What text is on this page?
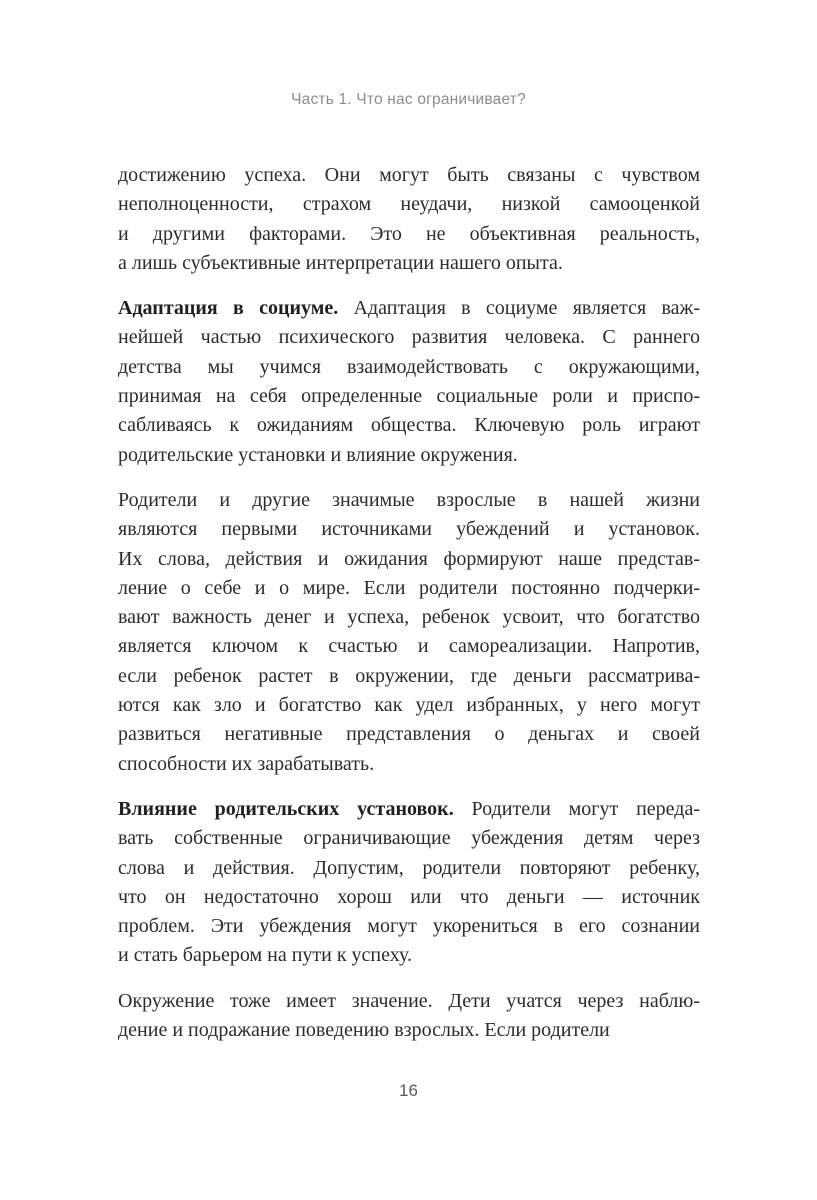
Часть 1. Что нас ограничивает?
достижению успеха. Они могут быть связаны с чувством
неполноценности, страхом неудачи, низкой самооценкой
и другими факторами. Это не объективная реальность,
а лишь субъективные интерпретации нашего опыта.
Адаптация в социуме. Адаптация в социуме является важ-
нейшей частью психического развития человека. С раннего
детства мы учимся взаимодействовать с окружающими,
принимая на себя определенные социальные роли и приспо-
сабливаясь к ожиданиям общества. Ключевую роль играют
родительские установки и влияние окружения.
Родители и другие значимые взрослые в нашей жизни
являются первыми источниками убеждений и установок.
Их слова, действия и ожидания формируют наше представ-
ление о себе и о мире. Если родители постоянно подчерки-
вают важность денег и успеха, ребенок усвоит, что богатство
является ключом к счастью и самореализации. Напротив,
если ребенок растет в окружении, где деньги рассматрива-
ются как зло и богатство как удел избранных, у него могут
развиться негативные представления о деньгах и своей
способности их зарабатывать.
Влияние родительских установок. Родители могут переда-
вать собственные ограничивающие убеждения детям через
слова и действия. Допустим, родители повторяют ребенку,
что он недостаточно хорош или что деньги — источник
проблем. Эти убеждения могут укорениться в его сознании
и стать барьером на пути к успеху.
Окружение тоже имеет значение. Дети учатся через наблю-
дение и подражание поведению взрослых. Если родители
16
